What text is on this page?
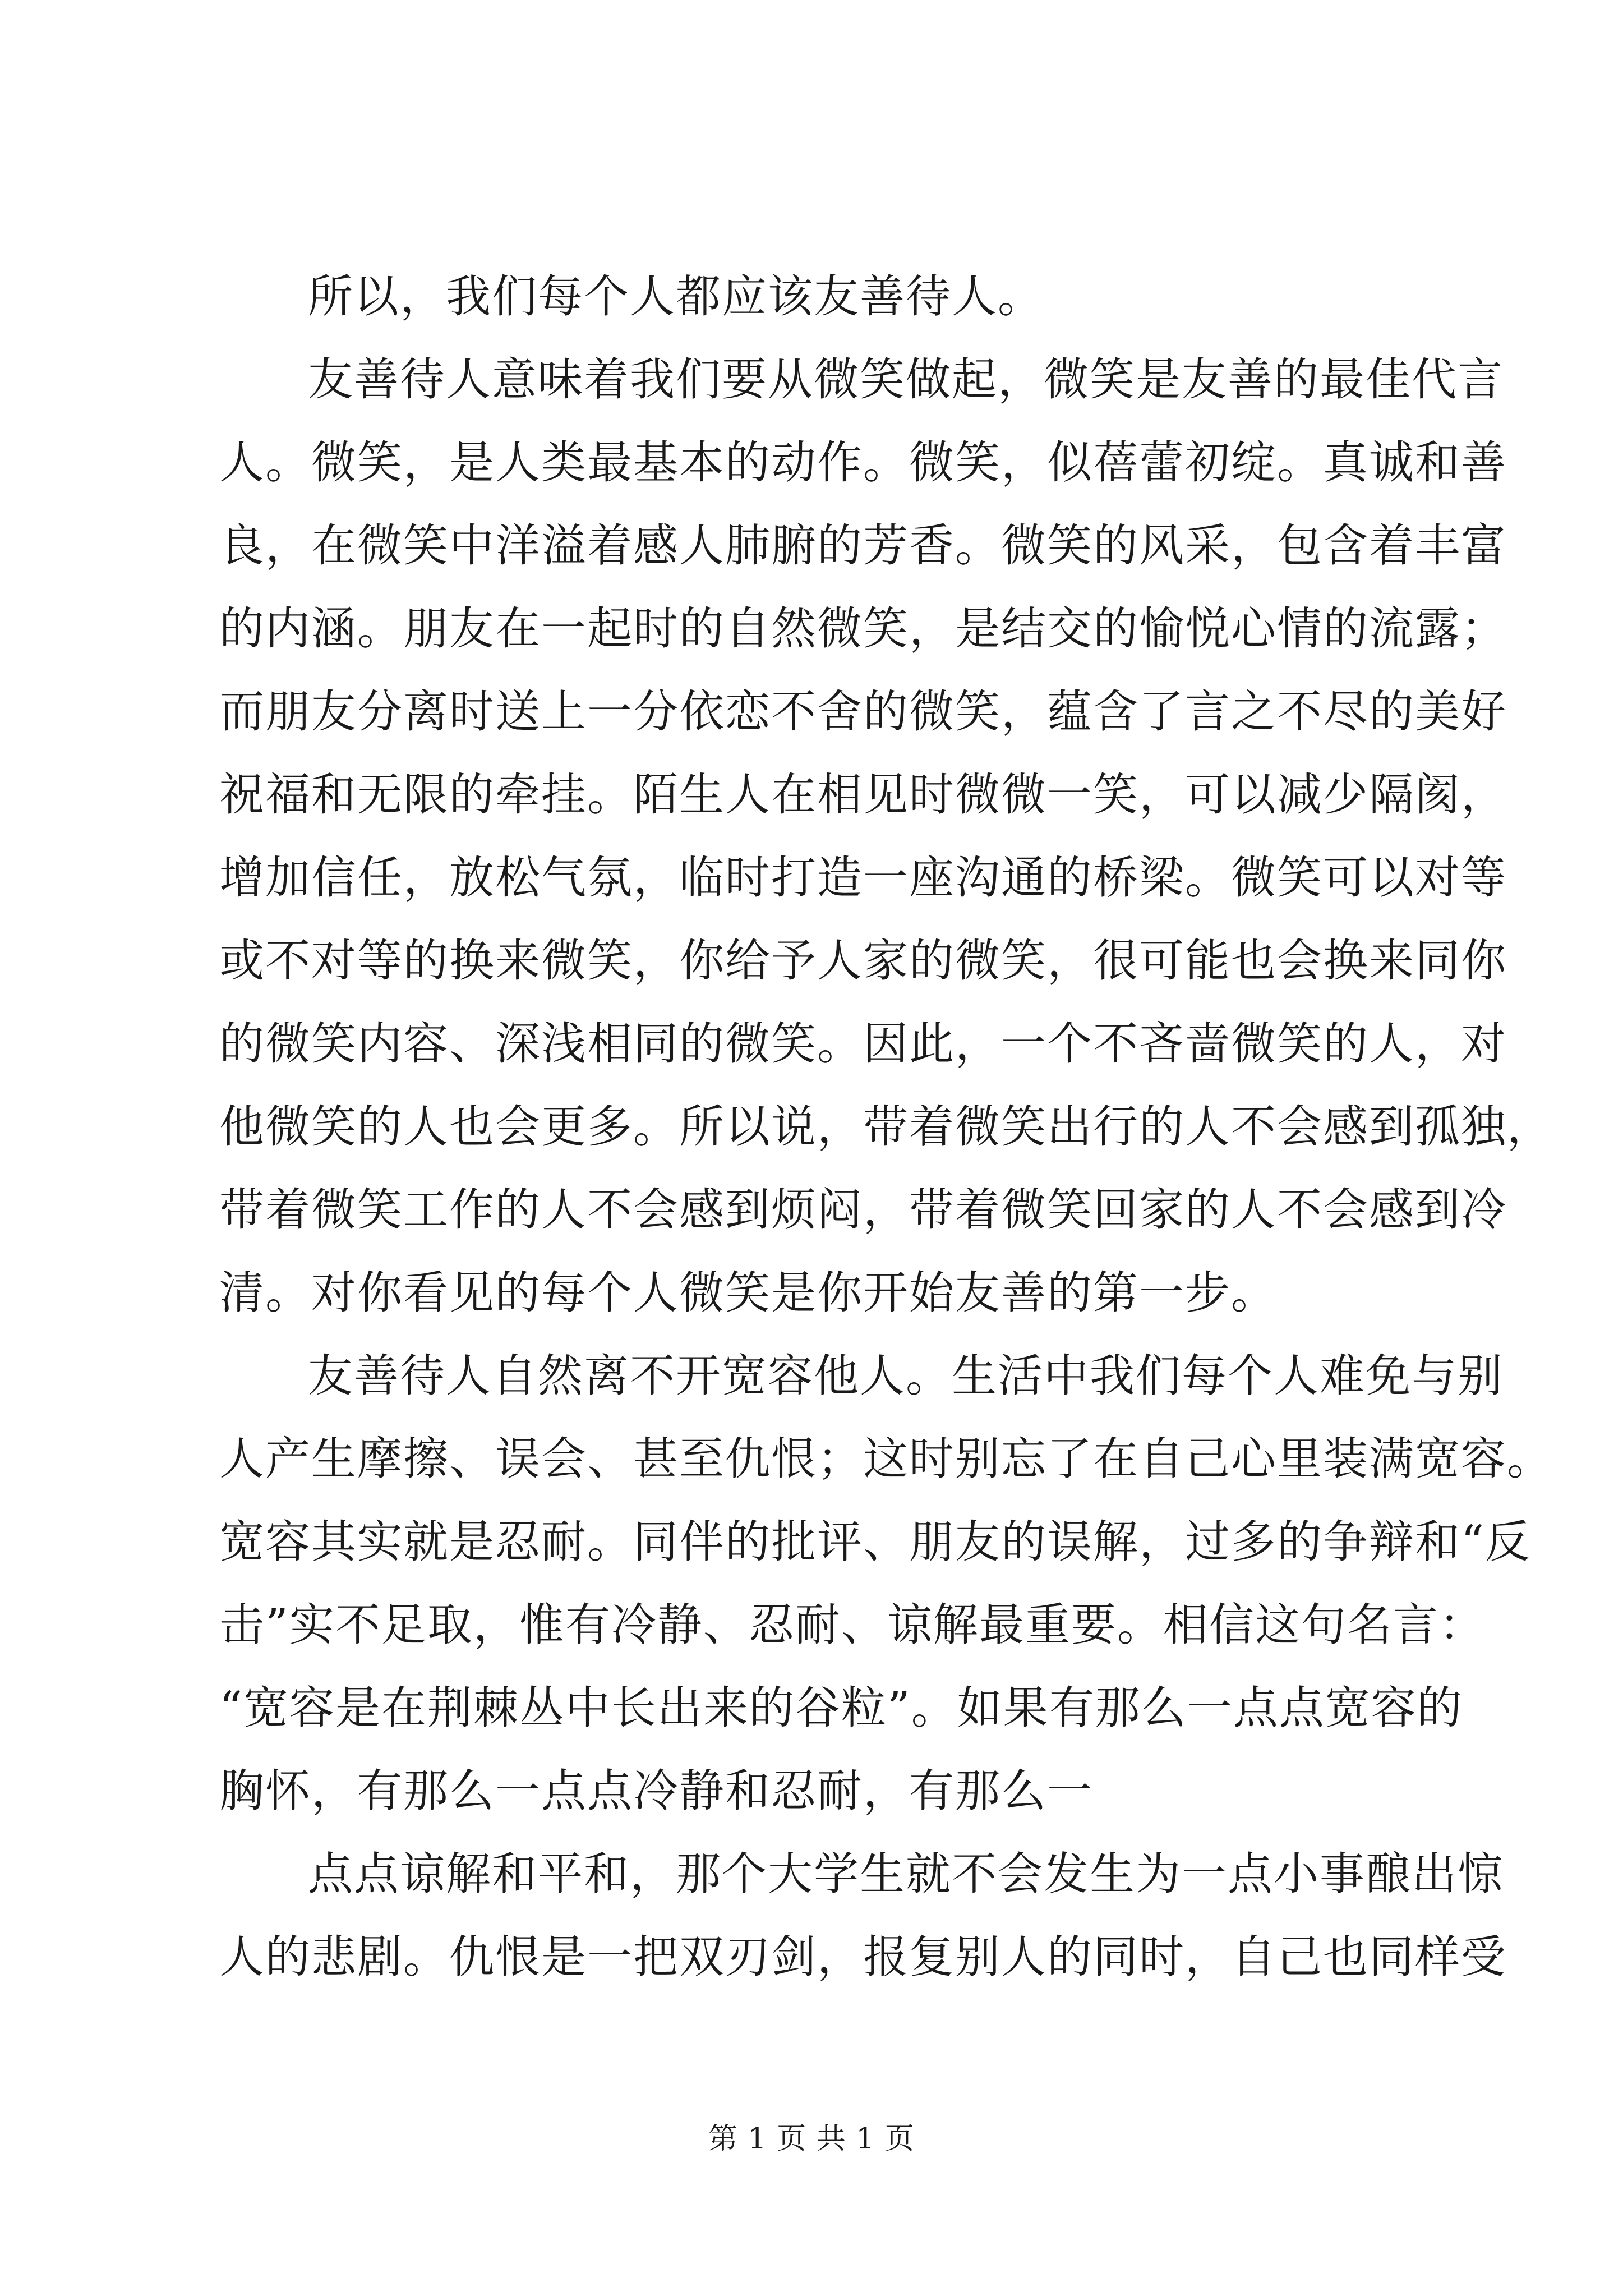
所以，我们每个人都应该友善待人。
友善待人意味着我们要从微笑做起，微笑是友善的最佳代言
人。微笑，是人类最基本的动作。微笑，似蓓蕾初绽。真诚和善
良，在微笑中洋溢着感人肺腑的芳香。微笑的风采，包含着丰富
的内涵。朋友在一起时的自然微笑，是结交的愉悦心情的流露；
而朋友分离时送上一分依恋不舍的微笑，蕴含了言之不尽的美好
祝福和无限的牵挂。陌生人在相见时微微一笑，可以减少隔阂，
增加信任，放松气氛，临时打造一座沟通的桥梁。微笑可以对等
或不对等的换来微笑，你给予人家的微笑，很可能也会换来同你
的微笑内容、深浅相同的微笑。因此，一个不吝啬微笑的人，对
他微笑的人也会更多。所以说，带着微笑出行的人不会感到孤独，
带着微笑工作的人不会感到烦闷，带着微笑回家的人不会感到冷
清。对你看见的每个人微笑是你开始友善的第一步。
友善待人自然离不开宽容他人。生活中我们每个人难免与别
人产生摩擦、误会、甚至仇恨；这时别忘了在自己心里装满宽容。
宽容其实就是忍耐。同伴的批评、朋友的误解，过多的争辩和“反
击”实不足取，惟有冷静、忍耐、谅解最重要。相信这句名言：
“宽容是在荆棘丛中长出来的谷粒”。如果有那么一点点宽容的
胸怀，有那么一点点冷静和忍耐，有那么一
点点谅解和平和，那个大学生就不会发生为一点小事酿出惊
人的悲剧。仇恨是一把双刃剑，报复别人的同时，自己也同样受
第 1 页 共 1 页
